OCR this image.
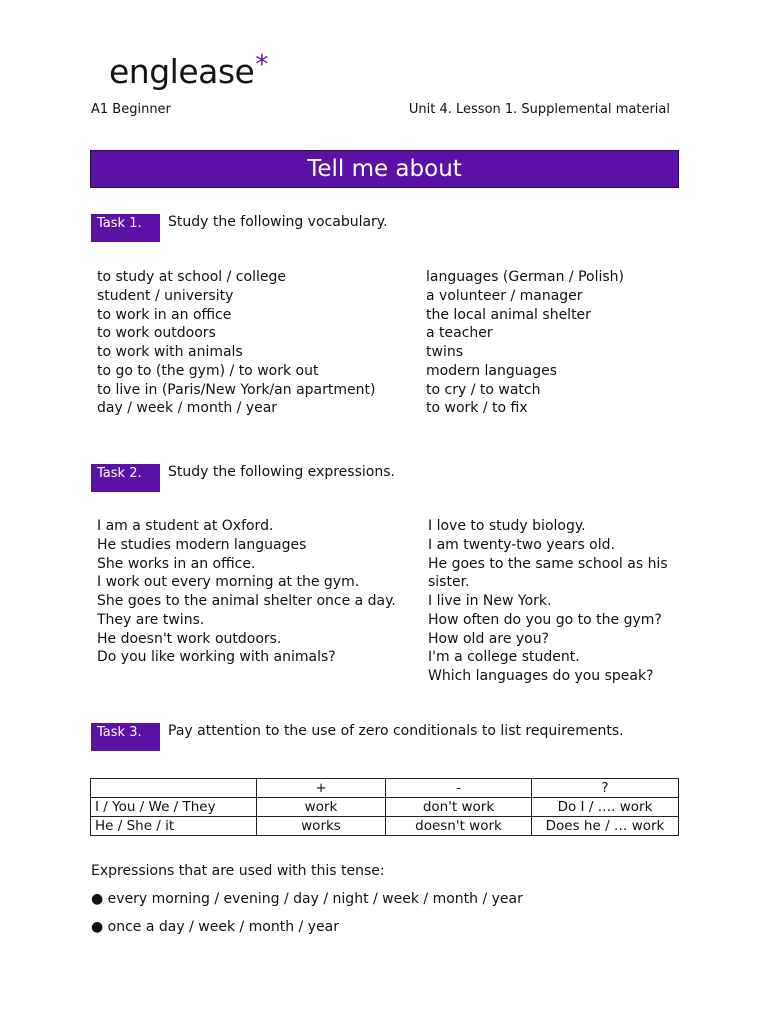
englease*
A1 Beginner	Unit 4. Lesson 1. Supplemental material
Tell me about
Task 1.	Study the following vocabulary.
to study at school / college
student / university
to work in an office
to work outdoors
to work with animals
to go to (the gym) / to work out
to live in (Paris/New York/an apartment)
day / week / month / year
languages (German / Polish)
a volunteer / manager
the local animal shelter
a teacher
twins
modern languages
to cry / to watch
to work / to fix
Task 2.	Study the following expressions.
I am a student at Oxford.
He studies modern languages
She works in an office.
I work out every morning at the gym.
She goes to the animal shelter once a day.
They are twins.
He doesn't work outdoors.
Do you like working with animals?
I love to study biology.
I am twenty-two years old.
He goes to the same school as his
sister.
I live in New York.
How often do you go to the gym?
How old are you?
I'm a college student.
Which languages do you speak?
Task 3.	Pay attention to the use of zero conditionals to list requirements.
	+	-	?
I / You / We / They	work	don't work	Do I / …. work
He / She / it	works	doesn't work	Does he / … work
Expressions that are used with this tense:
● every morning / evening / day / night / week / month / year
● once a day / week / month / year
